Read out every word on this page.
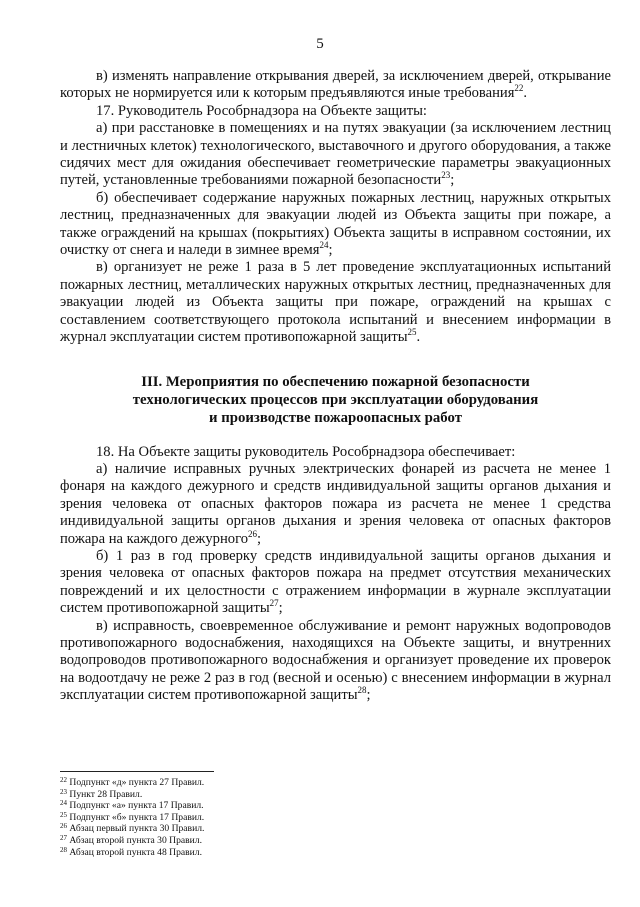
5

в) изменять направление открывания дверей, за исключением дверей, открывание которых не нормируется или к которым предъявляются иные требования$^{22}$.

17. Руководитель Рособрнадзора на Объекте защиты:

а) при расстановке в помещениях и на путях эвакуации (за исключением лестниц и лестничных клеток) технологического, выставочного и другого оборудования, а также сидячих мест для ожидания обеспечивает геометрические параметры эвакуационных путей, установленные требованиями пожарной безопасности$^{23}$;

б) обеспечивает содержание наружных пожарных лестниц, наружных открытых лестниц, предназначенных для эвакуации людей из Объекта защиты при пожаре, а также ограждений на крышах (покрытиях) Объекта защиты в исправном состоянии, их очистку от снега и наледи в зимнее время$^{24}$;

в) организует не реже 1 раза в 5 лет проведение эксплуатационных испытаний пожарных лестниц, металлических наружных открытых лестниц, предназначенных для эвакуации людей из Объекта защиты при пожаре, ограждений на крышах с составлением соответствующего протокола испытаний и внесением информации в журнал эксплуатации систем противопожарной защиты$^{25}$.

III. Мероприятия по обеспечению пожарной безопасности
технологических процессов при эксплуатации оборудования
и производстве пожароопасных работ

18. На Объекте защиты руководитель Рособрнадзора обеспечивает:

а) наличие исправных ручных электрических фонарей из расчета не менее 1 фонаря на каждого дежурного и средств индивидуальной защиты органов дыхания и зрения человека от опасных факторов пожара из расчета не менее 1 средства индивидуальной защиты органов дыхания и зрения человека от опасных факторов пожара на каждого дежурного$^{26}$;

б) 1 раз в год проверку средств индивидуальной защиты органов дыхания и зрения человека от опасных факторов пожара на предмет отсутствия механических повреждений и их целостности с отражением информации в журнале эксплуатации систем противопожарной защиты$^{27}$;

в) исправность, своевременное обслуживание и ремонт наружных водопроводов противопожарного водоснабжения, находящихся на Объекте защиты, и внутренних водопроводов противопожарного водоснабжения и организует проведение их проверок на водоотдачу не реже 2 раз в год (весной и осенью) с внесением информации в журнал эксплуатации систем противопожарной защиты$^{28}$;

$^{22}$ Подпункт «д» пункта 27 Правил.
$^{23}$ Пункт 28 Правил.
$^{24}$ Подпункт «а» пункта 17 Правил.
$^{25}$ Подпункт «б» пункта 17 Правил.
$^{26}$ Абзац первый пункта 30 Правил.
$^{27}$ Абзац второй пункта 30 Правил.
$^{28}$ Абзац второй пункта 48 Правил.
